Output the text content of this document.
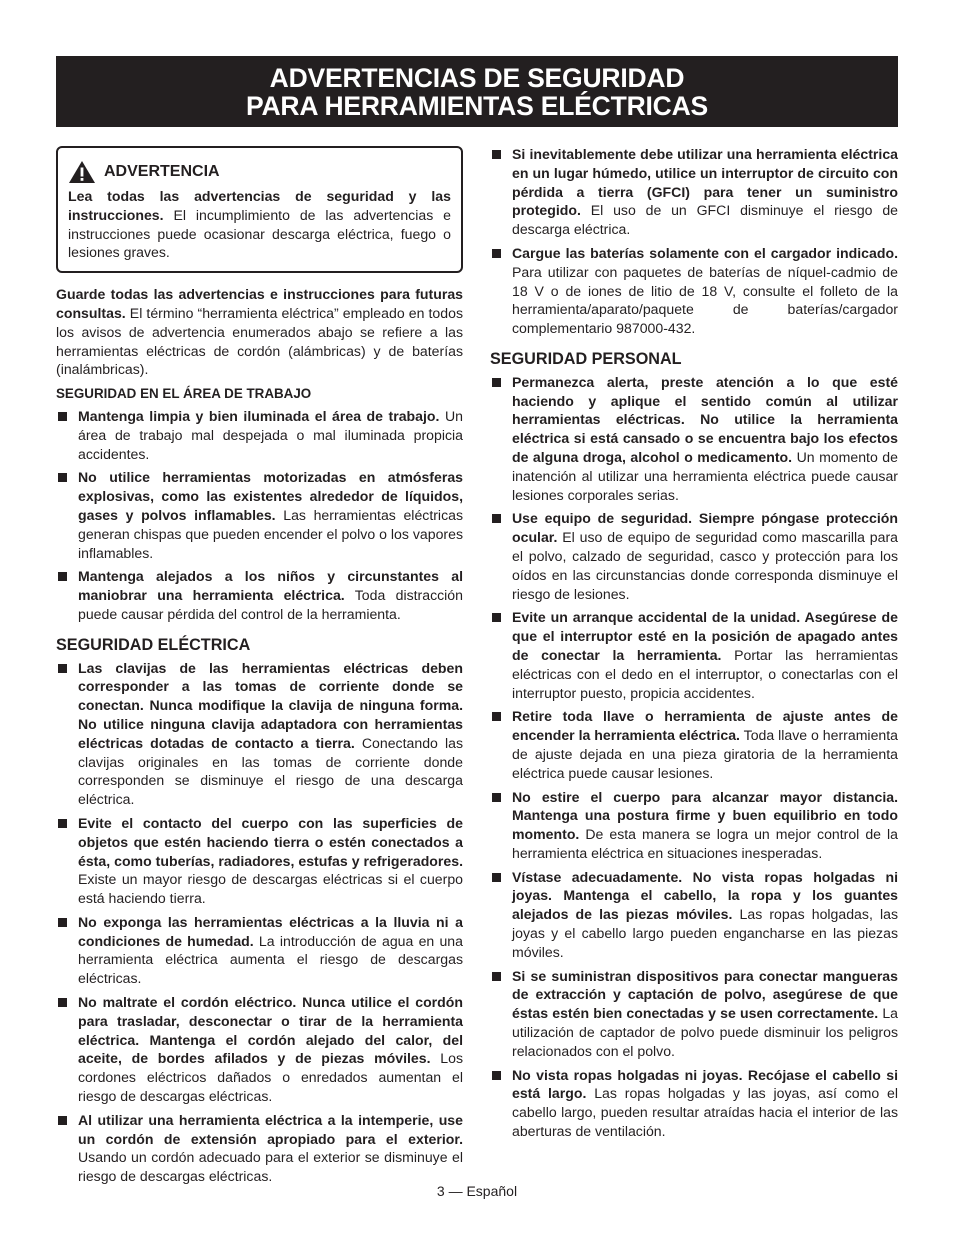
ADVERTENCIAS DE SEGURIDAD
PARA HERRAMIENTAS ELÉCTRICAS
ADVERTENCIA

Lea todas las advertencias de seguridad y las instrucciones. El incumplimiento de las advertencias e instrucciones puede ocasionar descarga eléctrica, fuego o lesiones graves.

Guarde todas las advertencias e instrucciones para futuras consultas. El término “herramienta eléctrica” empleado en todos los avisos de advertencia enumerados abajo se refiere a las herramientas eléctricas de cordón (alámbricas) y de baterías (inalámbricas).

SEGURIDAD EN EL ÁREA DE TRABAJO
Mantenga limpia y bien iluminada el área de trabajo. Un área de trabajo mal despejada o mal iluminada propicia accidentes.
No utilice herramientas motorizadas en atmósferas explosivas, como las existentes alrededor de líquidos, gases y polvos inflamables. Las herramientas eléctricas generan chispas que pueden encender el polvo o los vapores inflamables.
Mantenga alejados a los niños y circunstantes al maniobrar una herramienta eléctrica. Toda distracción puede causar pérdida del control de la herramienta.
SEGURIDAD ELÉCTRICA
Las clavijas de las herramientas eléctricas deben corresponder a las tomas de corriente donde se conectan. Nunca modifique la clavija de ninguna forma. No utilice ninguna clavija adaptadora con herramientas eléctricas dotadas de contacto a tierra. Conectando las clavijas originales en las tomas de corriente donde corresponden se disminuye el riesgo de una descarga eléctrica.
Evite el contacto del cuerpo con las superficies de objetos que estén haciendo tierra o estén conectados a ésta, como tuberías, radiadores, estufas y refrigeradores. Existe un mayor riesgo de descargas eléctricas si el cuerpo está haciendo tierra.
No exponga las herramientas eléctricas a la lluvia ni a condiciones de humedad. La introducción de agua en una herramienta eléctrica aumenta el riesgo de descargas eléctricas.
No maltrate el cordón eléctrico. Nunca utilice el cordón para trasladar, desconectar o tirar de la herramienta eléctrica. Mantenga el cordón alejado del calor, del aceite, de bordes afilados y de piezas móviles. Los cordones eléctricos dañados o enredados aumentan el riesgo de descargas eléctricas.
Al utilizar una herramienta eléctrica a la intemperie, use un cordón de extensión apropiado para el exterior. Usando un cordón adecuado para el exterior se disminuye el riesgo de descargas eléctricas.
Si inevitablemente debe utilizar una herramienta eléctrica en un lugar húmedo, utilice un interruptor de circuito con pérdida a tierra (GFCI) para tener un suministro protegido. El uso de un GFCI disminuye el riesgo de descarga eléctrica.
Cargue las baterías solamente con el cargador indicado. Para utilizar con paquetes de baterías de níquel-cadmio de 18 V o de iones de litio de 18 V, consulte el folleto de la herramienta/aparato/paquete de baterías/cargador complementario 987000-432.
SEGURIDAD PERSONAL
Permanezca alerta, preste atención a lo que esté haciendo y aplique el sentido común al utilizar herramientas eléctricas. No utilice la herramienta eléctrica si está cansado o se encuentra bajo los efectos de alguna droga, alcohol o medicamento. Un momento de inatención al utilizar una herramienta eléctrica puede causar lesiones corporales serias.
Use equipo de seguridad. Siempre póngase protección ocular. El uso de equipo de seguridad como mascarilla para el polvo, calzado de seguridad, casco y protección para los oídos en las circunstancias donde corresponda disminuye el riesgo de lesiones.
Evite un arranque accidental de la unidad. Asegúrese de que el interruptor esté en la posición de apagado antes de conectar la herramienta. Portar las herramientas eléctricas con el dedo en el interruptor, o conectarlas con el interruptor puesto, propicia accidentes.
Retire toda llave o herramienta de ajuste antes de encender la herramienta eléctrica. Toda llave o herramienta de ajuste dejada en una pieza giratoria de la herramienta eléctrica puede causar lesiones.
No estire el cuerpo para alcanzar mayor distancia. Mantenga una postura firme y buen equilibrio en todo momento. De esta manera se logra un mejor control de la herramienta eléctrica en situaciones inesperadas.
Vístase adecuadamente. No vista ropas holgadas ni joyas. Mantenga el cabello, la ropa y los guantes alejados de las piezas móviles. Las ropas holgadas, las joyas y el cabello largo pueden engancharse en las piezas móviles.
Si se suministran dispositivos para conectar mangueras de extracción y captación de polvo, asegúrese de que éstas estén bien conectadas y se usen correctamente. La utilización de captador de polvo puede disminuir los peligros relacionados con el polvo.
No vista ropas holgadas ni joyas. Recójase el cabello si está largo. Las ropas holgadas y las joyas, así como el cabello largo, pueden resultar atraídas hacia el interior de las aberturas de ventilación.
3 — Español
